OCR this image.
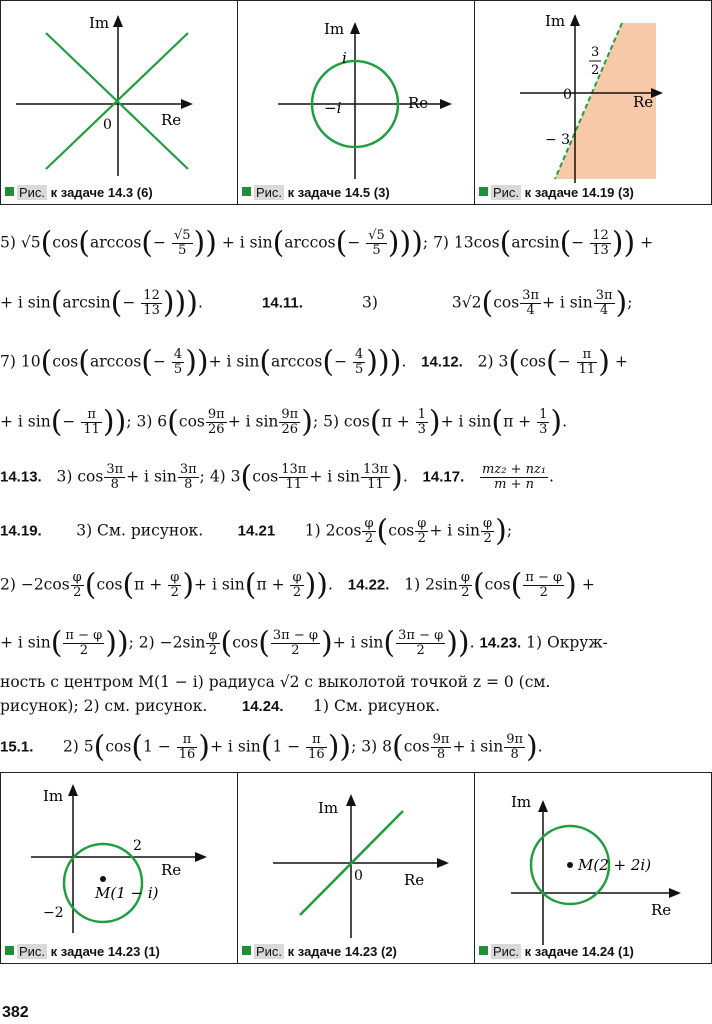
Im
Re
0
Рис. к задаче 14.3 (6)
Im
Re
i
−i
Рис. к задаче 14.5 (3)
Im
Re
0
3
2
− 3
Рис. к задаче 14.19 (3)
5) $√5(\cos(\arccos(- \frac{√5}{5}$ )) + i $\sin(\arccos(- \frac{√5}{5}$ ))); 7) $13\cos(\arcsin(- \frac{12}{13}$ )) +
+ i $\sin(\arcsin(- \frac{12}{13}$ ))).	14.11.	3)	$3√2(\cos \frac{3\pi}{4} + i$ $\sin \frac{3\pi}{4}$ );
7) $10(\cos(\arccos(- \frac{4}{5}$ ))+ i $\sin(\arccos(- \frac{4}{5}$ ))). 14.12. 2) $3(\cos(- \frac{\pi}{11}$ ) +
+ i $\sin(- \frac{\pi}{11}$ )); 3) $6(\cos \frac{9\pi}{26} + i$ $\sin \frac{9\pi}{26}$ ); 5) $\cos(\pi + \frac{1}{3}$ )+ i $\sin(\pi + \frac{1}{3}$ ).
14.13. 3) $\cos \frac{3\pi}{8} + i$ $\sin \frac{3\pi}{8}$ ; 4) $3(\cos \frac{13\pi}{11} + i$ $\sin \frac{13\pi}{11}$ ). 14.17. $\frac{\text{mz₂ + nz₁}}{m + n}$ .
14.19. 3) См. рисунок. 14.21 1) $2\cos \frac{\varphi}{2} (\cos \frac{\varphi}{2} + i$ $\sin \frac{\varphi}{2}$ );
$2) -2\cos \frac{\varphi}{2} (\cos(\pi + \frac{\varphi}{2}$ )+ i $\sin(\pi + \frac{\varphi}{2}$ )). 14.22. 1) $2\sin \frac{\varphi}{2} (\cos( \frac{\pi - \varphi}{2}$ ) +
+ i $\sin( \frac{\pi - \varphi}{2}$ )); $2) -2\sin \frac{\varphi}{2} (\cos( \frac{3\pi - \varphi}{2}$ )+ i $\sin( \frac{3\pi - \varphi}{2}$ )). 14.23. 1) Окруж-
ность с центром M(1 − i) радиуса √2 с выколотой точкой z = 0 (см.
рисунок); 2) см. рисунок. 14.24. 1) См. рисунок.
15.1. 2) $5(\cos(1 - \frac{\pi}{16}$ )+ i $\sin(1 - \frac{\pi}{16}$ )); 3) $8(\cos \frac{9\pi}{8} + i$ $\sin \frac{9\pi}{8}$ ).
Im
Re
2
−2
M(1 − i)
Рис. к задаче 14.23 (1)
Im
Re
0
Рис. к задаче 14.23 (2)
Im
Re
M(2 + 2i)
Рис. к задаче 14.24 (1)
382
